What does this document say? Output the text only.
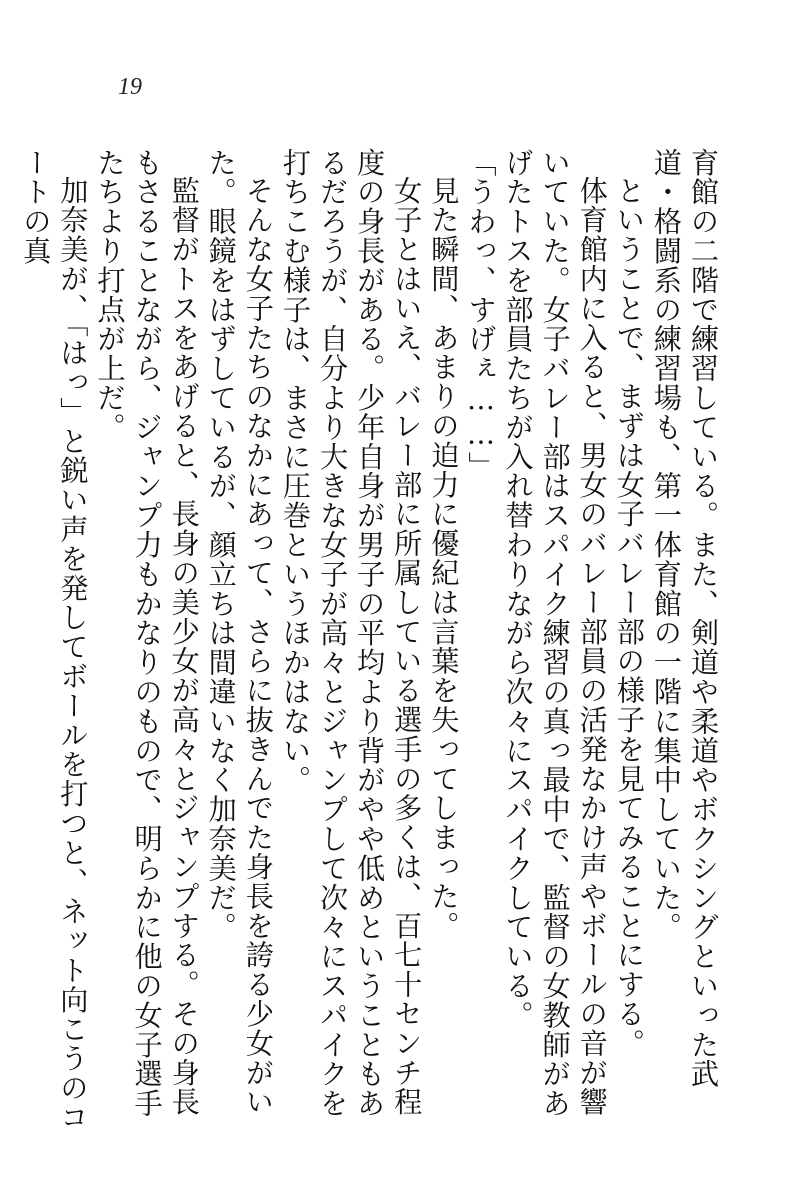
19

育館の二階で練習している。また、剣道や柔道やボクシングといった武道・格闘系の練習場も、第一体育館の一階に集中していた。

ということで、まずは女子バレー部の様子を見てみることにする。

体育館内に入ると、男女のバレー部員の活発なかけ声やボールの音が響いていた。女子バレー部はスパイク練習の真っ最中で、監督の女教師があげたトスを部員たちが入れ替わりながら次々にスパイクしている。

「うわっ、すげぇ……」

見た瞬間、あまりの迫力に優紀は言葉を失ってしまった。

女子とはいえ、バレー部に所属している選手の多くは、百七十センチ程度の身長がある。少年自身が男子の平均より背がやや低めということもあるだろうが、自分より大きな女子が高々とジャンプして次々にスパイクを打ちこむ様子は、まさに圧巻というほかはない。

そんな女子たちのなかにあって、さらに抜きんでた身長を誇る少女がいた。眼鏡をはずしているが、顔立ちは間違いなく加奈美だ。

監督がトスをあげると、長身の美少女が高々とジャンプする。その身長もさることながら、ジャンプ力もかなりのもので、明らかに他の女子選手たちより打点が上だ。

加奈美が、「はっ」と鋭い声を発してボールを打つと、ネット向こうのコートの真
